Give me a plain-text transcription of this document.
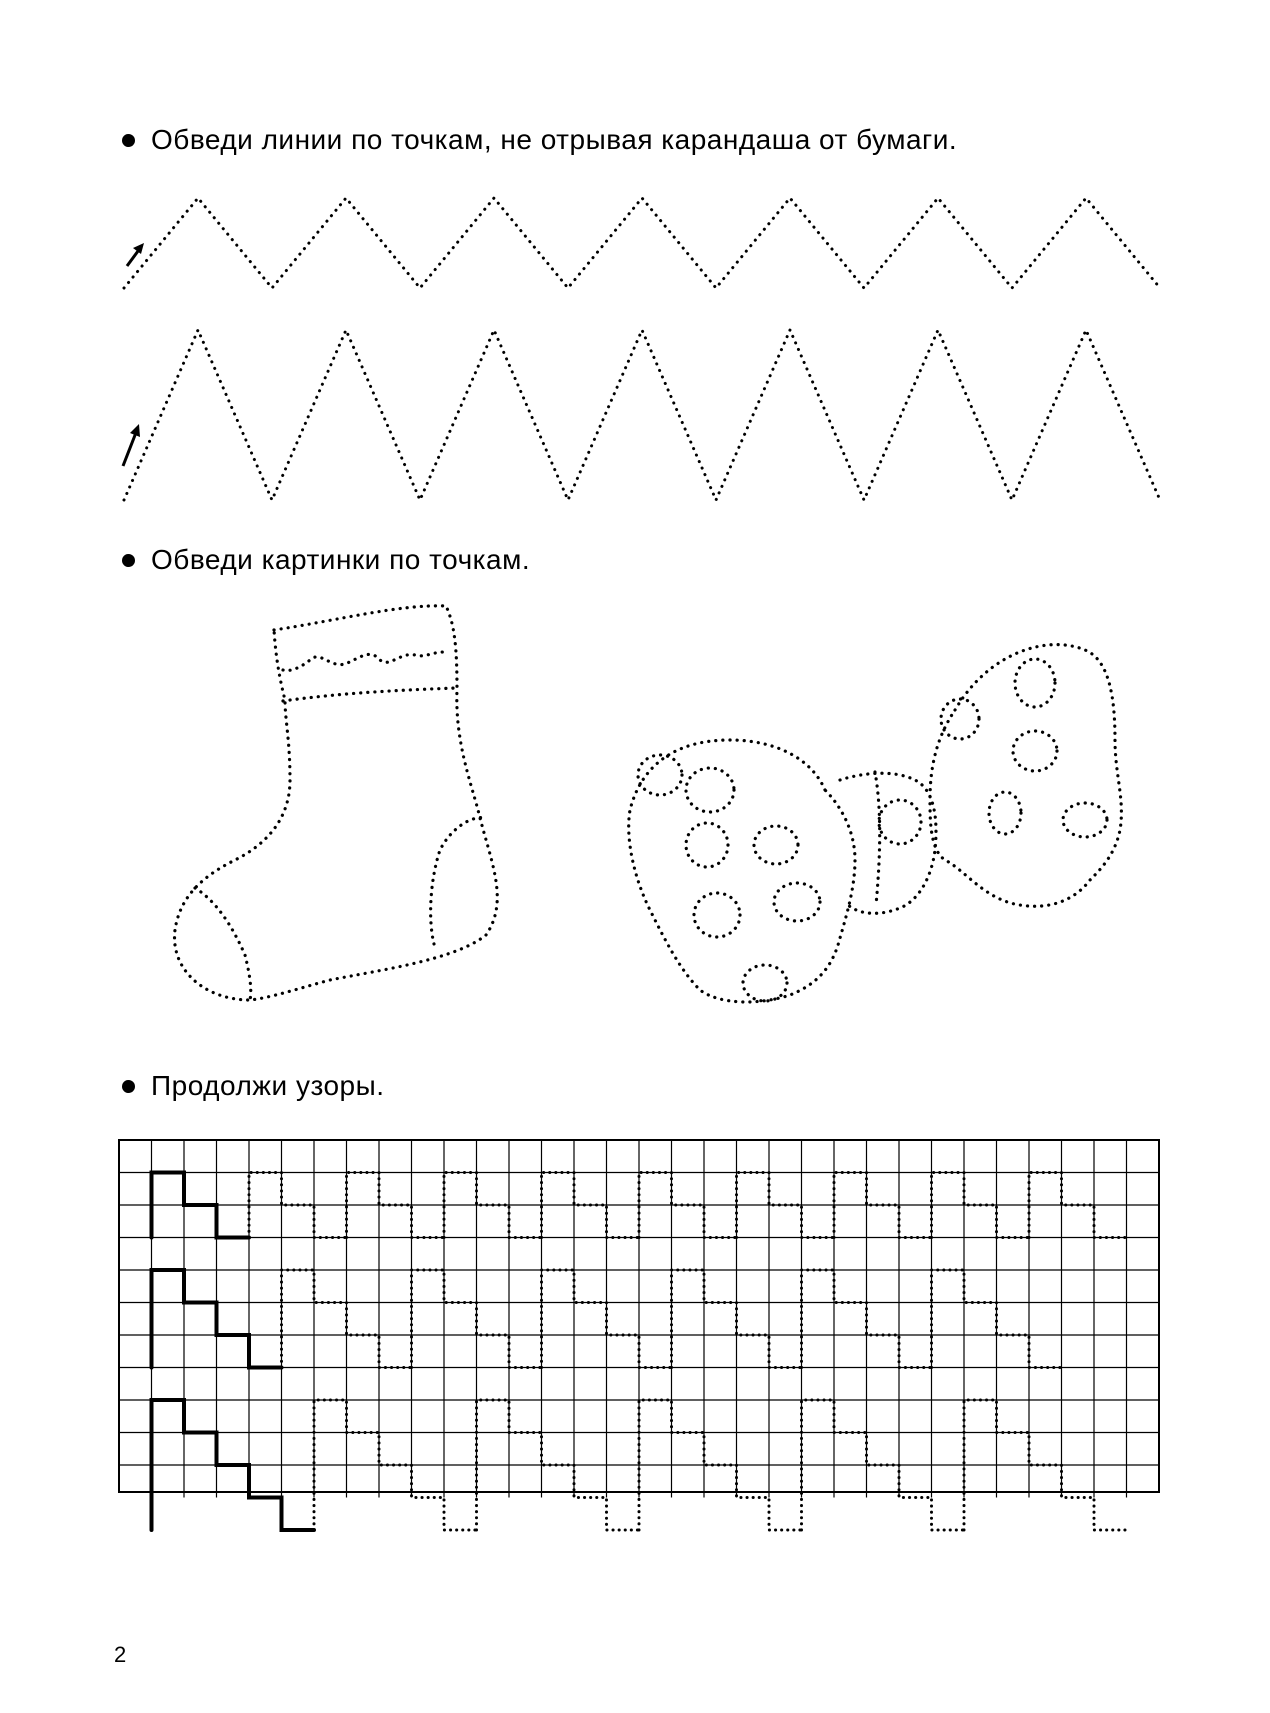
Обведи линии по точкам, не отрывая карандаша от бумаги.
Обведи картинки по точкам.
Продолжи узоры.
2
